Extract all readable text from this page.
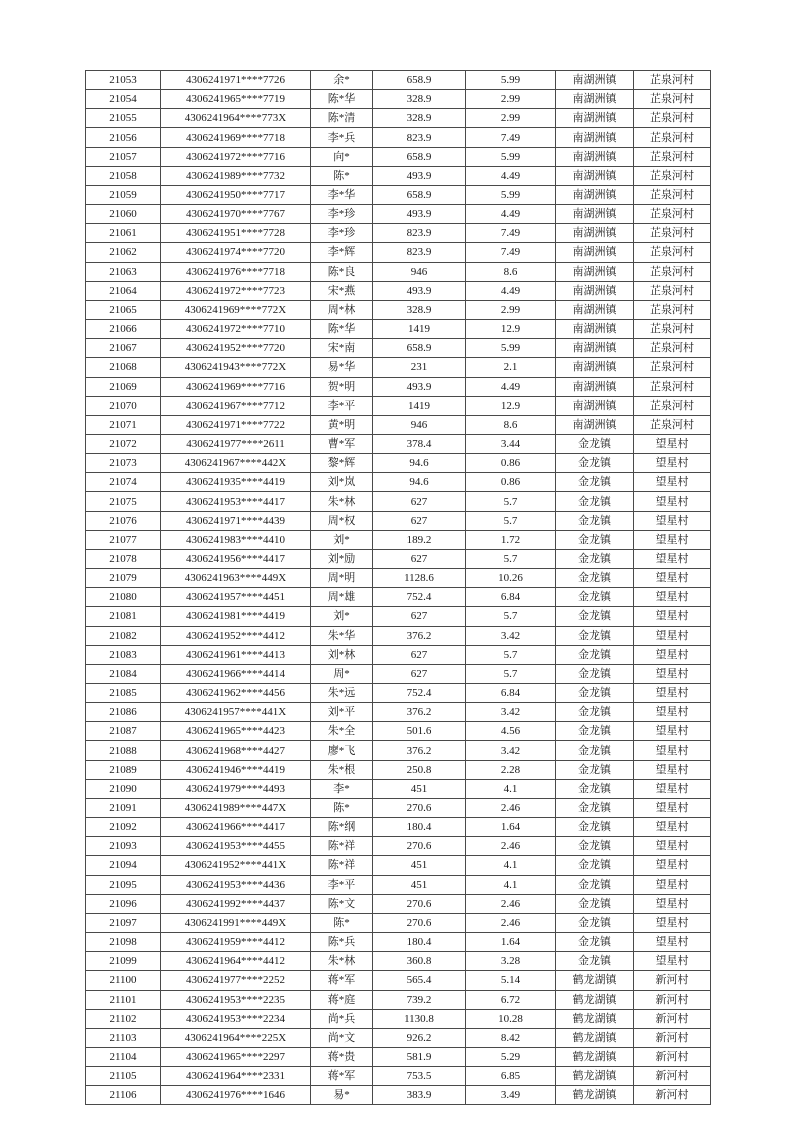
21053	4306241971****7726	余*	658.9	5.99	南湖洲镇	芷泉河村
21054	4306241965****7719	陈*华	328.9	2.99	南湖洲镇	芷泉河村
21055	4306241964****773X	陈*清	328.9	2.99	南湖洲镇	芷泉河村
21056	4306241969****7718	李*兵	823.9	7.49	南湖洲镇	芷泉河村
21057	4306241972****7716	向*	658.9	5.99	南湖洲镇	芷泉河村
21058	4306241989****7732	陈*	493.9	4.49	南湖洲镇	芷泉河村
21059	4306241950****7717	李*华	658.9	5.99	南湖洲镇	芷泉河村
21060	4306241970****7767	李*珍	493.9	4.49	南湖洲镇	芷泉河村
21061	4306241951****7728	李*珍	823.9	7.49	南湖洲镇	芷泉河村
21062	4306241974****7720	李*辉	823.9	7.49	南湖洲镇	芷泉河村
21063	4306241976****7718	陈*良	946	8.6	南湖洲镇	芷泉河村
21064	4306241972****7723	宋*燕	493.9	4.49	南湖洲镇	芷泉河村
21065	4306241969****772X	周*林	328.9	2.99	南湖洲镇	芷泉河村
21066	4306241972****7710	陈*华	1419	12.9	南湖洲镇	芷泉河村
21067	4306241952****7720	宋*南	658.9	5.99	南湖洲镇	芷泉河村
21068	4306241943****772X	易*华	231	2.1	南湖洲镇	芷泉河村
21069	4306241969****7716	贺*明	493.9	4.49	南湖洲镇	芷泉河村
21070	4306241967****7712	李*平	1419	12.9	南湖洲镇	芷泉河村
21071	4306241971****7722	黄*明	946	8.6	南湖洲镇	芷泉河村
21072	4306241977****2611	曹*军	378.4	3.44	金龙镇	望星村
21073	4306241967****442X	黎*辉	94.6	0.86	金龙镇	望星村
21074	4306241935****4419	刘*岚	94.6	0.86	金龙镇	望星村
21075	4306241953****4417	朱*林	627	5.7	金龙镇	望星村
21076	4306241971****4439	周*权	627	5.7	金龙镇	望星村
21077	4306241983****4410	刘*	189.2	1.72	金龙镇	望星村
21078	4306241956****4417	刘*励	627	5.7	金龙镇	望星村
21079	4306241963****449X	周*明	1128.6	10.26	金龙镇	望星村
21080	4306241957****4451	周*雄	752.4	6.84	金龙镇	望星村
21081	4306241981****4419	刘*	627	5.7	金龙镇	望星村
21082	4306241952****4412	朱*华	376.2	3.42	金龙镇	望星村
21083	4306241961****4413	刘*林	627	5.7	金龙镇	望星村
21084	4306241966****4414	周*	627	5.7	金龙镇	望星村
21085	4306241962****4456	朱*远	752.4	6.84	金龙镇	望星村
21086	4306241957****441X	刘*平	376.2	3.42	金龙镇	望星村
21087	4306241965****4423	朱*全	501.6	4.56	金龙镇	望星村
21088	4306241968****4427	廖*飞	376.2	3.42	金龙镇	望星村
21089	4306241946****4419	朱*根	250.8	2.28	金龙镇	望星村
21090	4306241979****4493	李*	451	4.1	金龙镇	望星村
21091	4306241989****447X	陈*	270.6	2.46	金龙镇	望星村
21092	4306241966****4417	陈*纲	180.4	1.64	金龙镇	望星村
21093	4306241953****4455	陈*祥	270.6	2.46	金龙镇	望星村
21094	4306241952****441X	陈*祥	451	4.1	金龙镇	望星村
21095	4306241953****4436	李*平	451	4.1	金龙镇	望星村
21096	4306241992****4437	陈*文	270.6	2.46	金龙镇	望星村
21097	4306241991****449X	陈*	270.6	2.46	金龙镇	望星村
21098	4306241959****4412	陈*兵	180.4	1.64	金龙镇	望星村
21099	4306241964****4412	朱*林	360.8	3.28	金龙镇	望星村
21100	4306241977****2252	蒋*军	565.4	5.14	鹤龙湖镇	新河村
21101	4306241953****2235	蒋*庭	739.2	6.72	鹤龙湖镇	新河村
21102	4306241953****2234	尚*兵	1130.8	10.28	鹤龙湖镇	新河村
21103	4306241964****225X	尚*文	926.2	8.42	鹤龙湖镇	新河村
21104	4306241965****2297	蒋*贵	581.9	5.29	鹤龙湖镇	新河村
21105	4306241964****2331	蒋*军	753.5	6.85	鹤龙湖镇	新河村
21106	4306241976****1646	易*	383.9	3.49	鹤龙湖镇	新河村
